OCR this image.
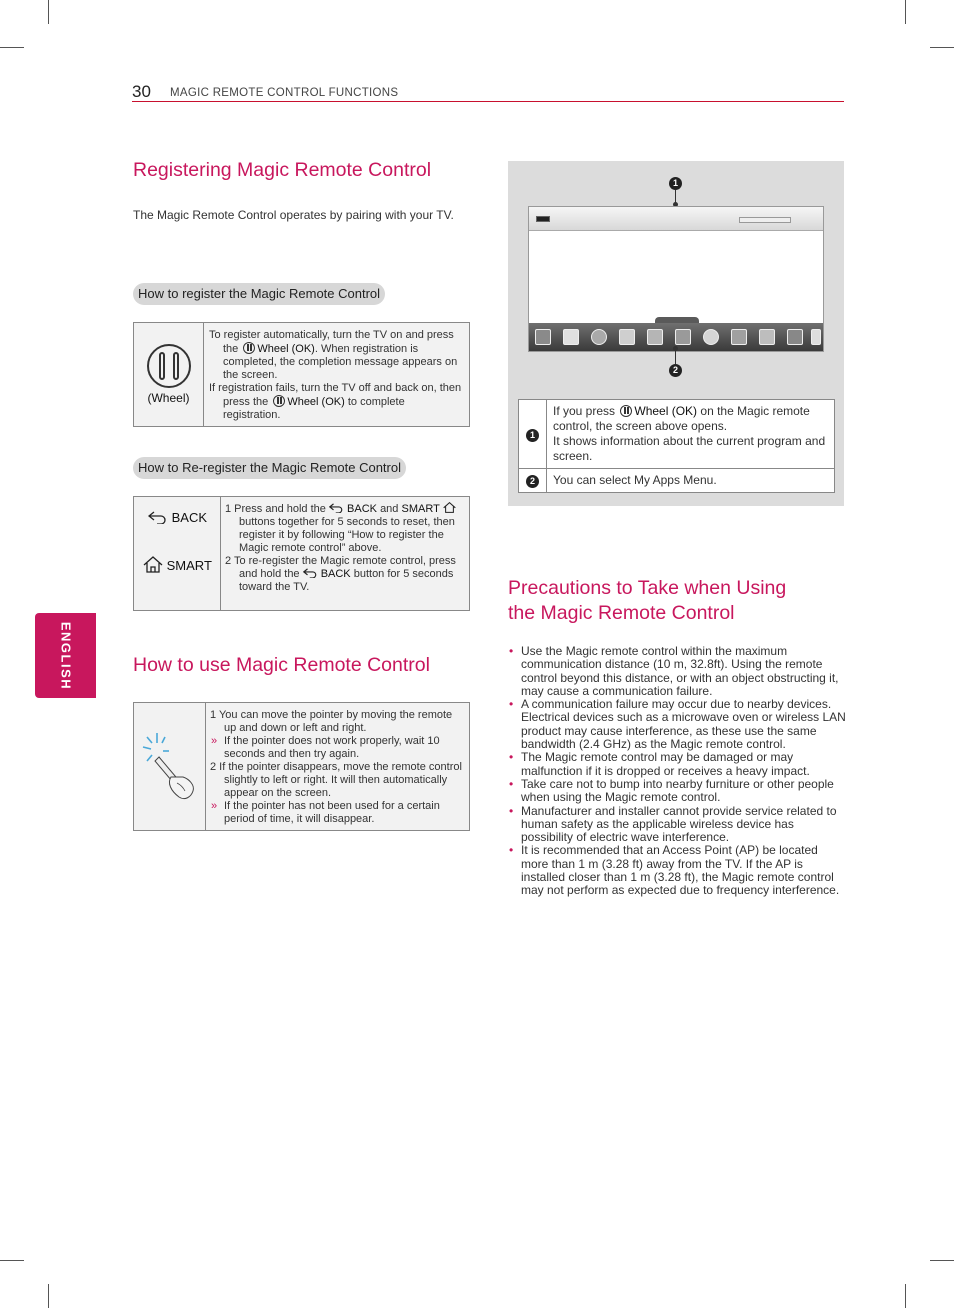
30 MAGIC REMOTE CONTROL FUNCTIONS
ENGLISH
Registering Magic Remote Control

The Magic Remote Control operates by pairing with your TV.

How to register the Magic Remote Control
(Wheel)

To register automatically, turn the TV on and press the Wheel (OK). When registration is completed, the completion message appears on the screen.
If registration fails, turn the TV off and back on, then press the Wheel (OK) to complete registration.
How to Re-register the Magic Remote Control
BACK
SMART

1 Press and hold the BACK and SMART  buttons together for 5 seconds to reset, then register it by following “How to register the Magic remote control” above.
2 To re-register the Magic remote control, press and hold the BACK button for 5 seconds toward the TV.
How to use Magic Remote Control

1 You can move the pointer by moving the remote up and down or left and right.
» If the pointer does not work properly, wait 10 seconds and then try again.
2 If the pointer disappears, move the remote control slightly to left or right. It will then automatically appear on the screen.
» If the pointer has not been used for a certain period of time, it will disappear.
1
2
1	If you press Wheel (OK) on the Magic remote control, the screen above opens.
It shows information about the current program and screen.
2	You can select My Apps Menu.
Precautions to Take when Using
the Magic Remote Control
• Use the Magic remote control within the maximum communication distance (10 m, 32.8ft). Using the remote control beyond this distance, or with an object obstructing it, may cause a communication failure.
• A communication failure may occur due to nearby devices. Electrical devices such as a microwave oven or wireless LAN product may cause interference, as these use the same bandwidth (2.4 GHz) as the Magic remote control.
• The Magic remote control may be damaged or may malfunction if it is dropped or receives a heavy impact.
• Take care not to bump into nearby furniture or other people when using the Magic remote control.
• Manufacturer and installer cannot provide service related to human safety as the applicable wireless device has possibility of electric wave interference.
• It is recommended that an Access Point (AP) be located more than 1 m (3.28 ft) away from the TV. If the AP is installed closer than 1 m (3.28 ft), the Magic remote control may not perform as expected due to frequency interference.
